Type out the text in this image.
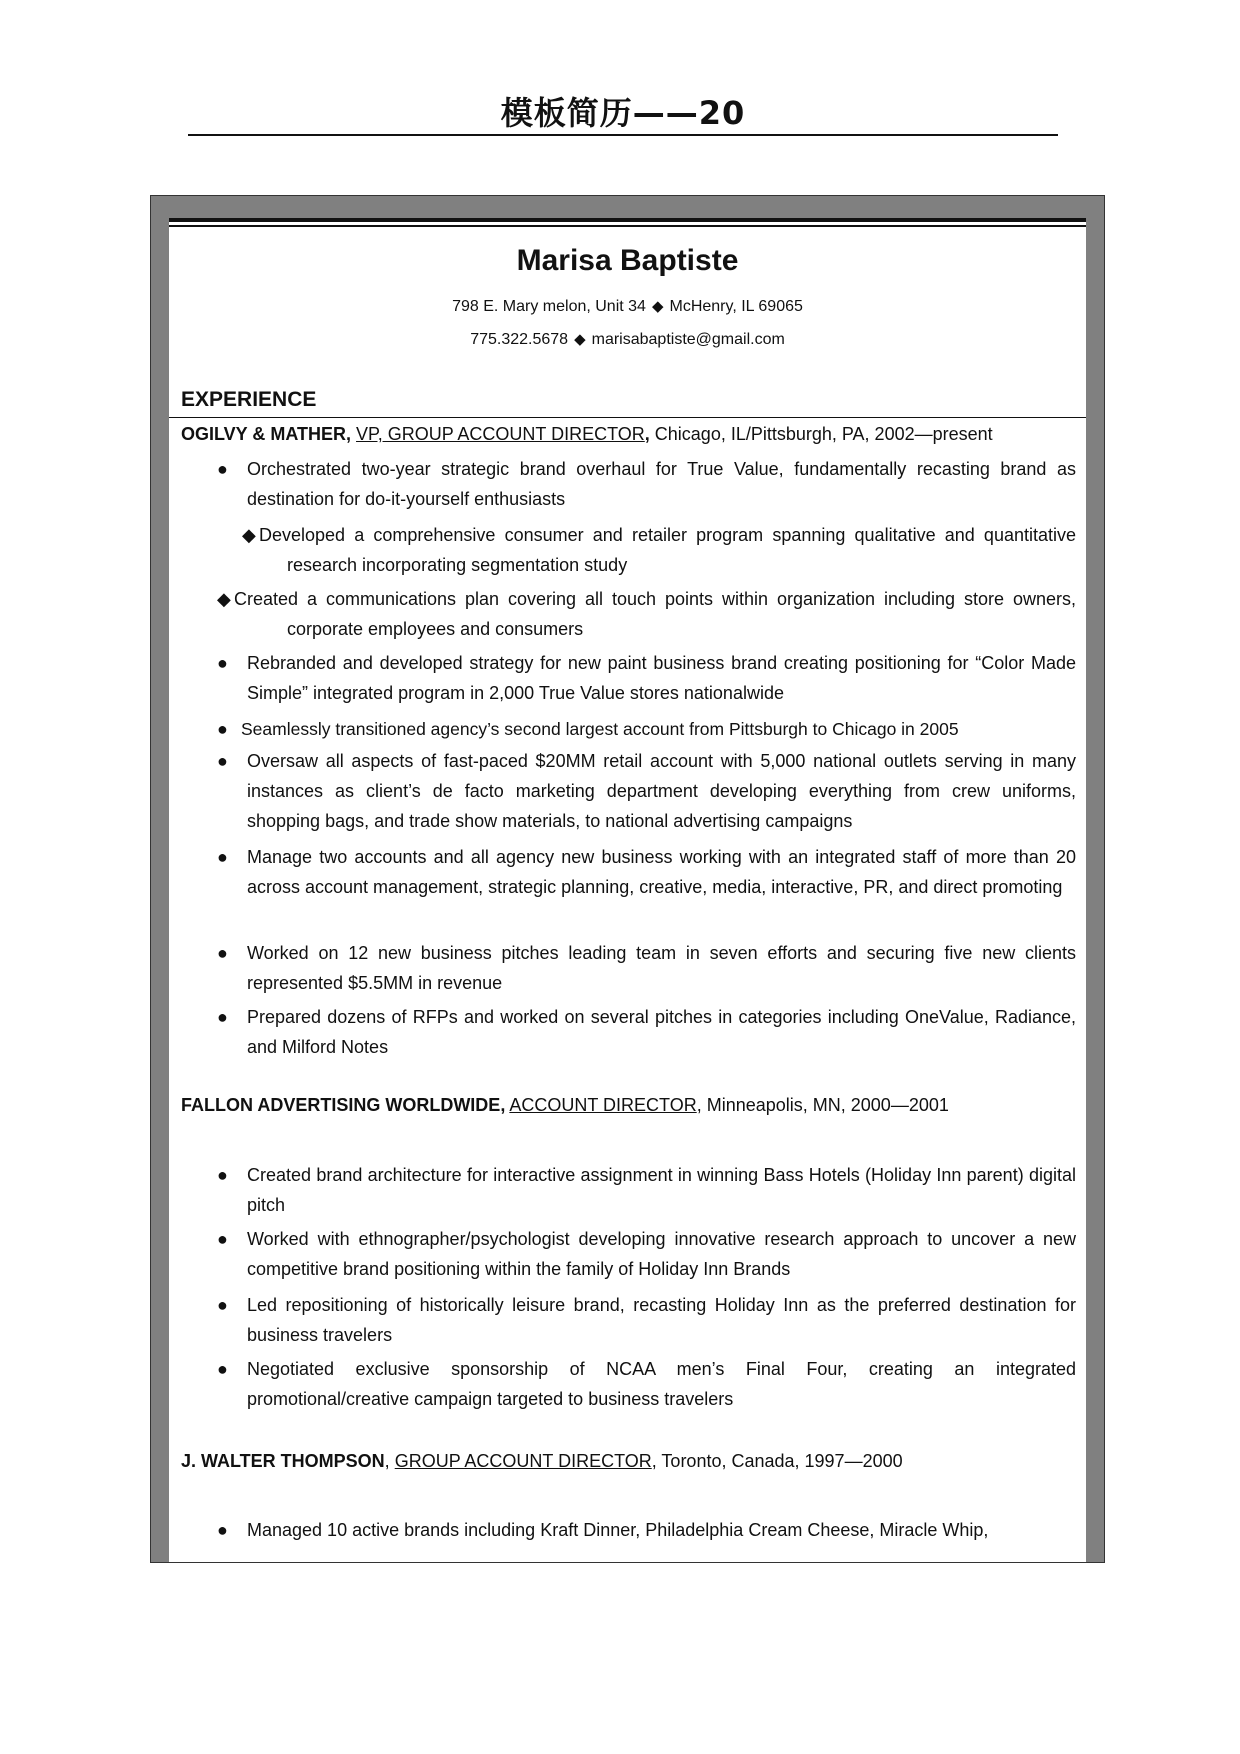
模板简历——20
Marisa Baptiste
798 E. Mary melon, Unit 34 ◆ McHenry, IL 69065
775.322.5678 ◆ marisabaptiste@gmail.com
EXPERIENCE
OGILVY & MATHER, VP, GROUP ACCOUNT DIRECTOR, Chicago, IL/Pittsburgh, PA, 2002—present
● Orchestrated two-year strategic brand overhaul for True Value, fundamentally recasting brand as destination for do-it-yourself enthusiasts
◆ Developed a comprehensive consumer and retailer program spanning qualitative and quantitative research incorporating segmentation study
◆ Created a communications plan covering all touch points within organization including store owners, corporate employees and consumers
● Rebranded and developed strategy for new paint business brand creating positioning for “Color Made Simple” integrated program in 2,000 True Value stores nationalwide
● Seamlessly transitioned agency’s second largest account from Pittsburgh to Chicago in 2005
● Oversaw all aspects of fast-paced $20MM retail account with 5,000 national outlets serving in many instances as client’s de facto marketing department developing everything from crew uniforms, shopping bags, and trade show materials, to national advertising campaigns
● Manage two accounts and all agency new business working with an integrated staff of more than 20 across account management, strategic planning, creative, media, interactive, PR, and direct promoting
● Worked on 12 new business pitches leading team in seven efforts and securing five new clients represented $5.5MM in revenue
● Prepared dozens of RFPs and worked on several pitches in categories including OneValue, Radiance, and Milford Notes
FALLON ADVERTISING WORLDWIDE, ACCOUNT DIRECTOR, Minneapolis, MN, 2000—2001
● Created brand architecture for interactive assignment in winning Bass Hotels (Holiday Inn parent) digital pitch
● Worked with ethnographer/psychologist developing innovative research approach to uncover a new competitive brand positioning within the family of Holiday Inn Brands
● Led repositioning of historically leisure brand, recasting Holiday Inn as the preferred destination for business travelers
● Negotiated exclusive sponsorship of NCAA men’s Final Four, creating an integrated promotional/creative campaign targeted to business travelers
J. WALTER THOMPSON, GROUP ACCOUNT DIRECTOR, Toronto, Canada, 1997—2000
● Managed 10 active brands including Kraft Dinner, Philadelphia Cream Cheese, Miracle Whip,
